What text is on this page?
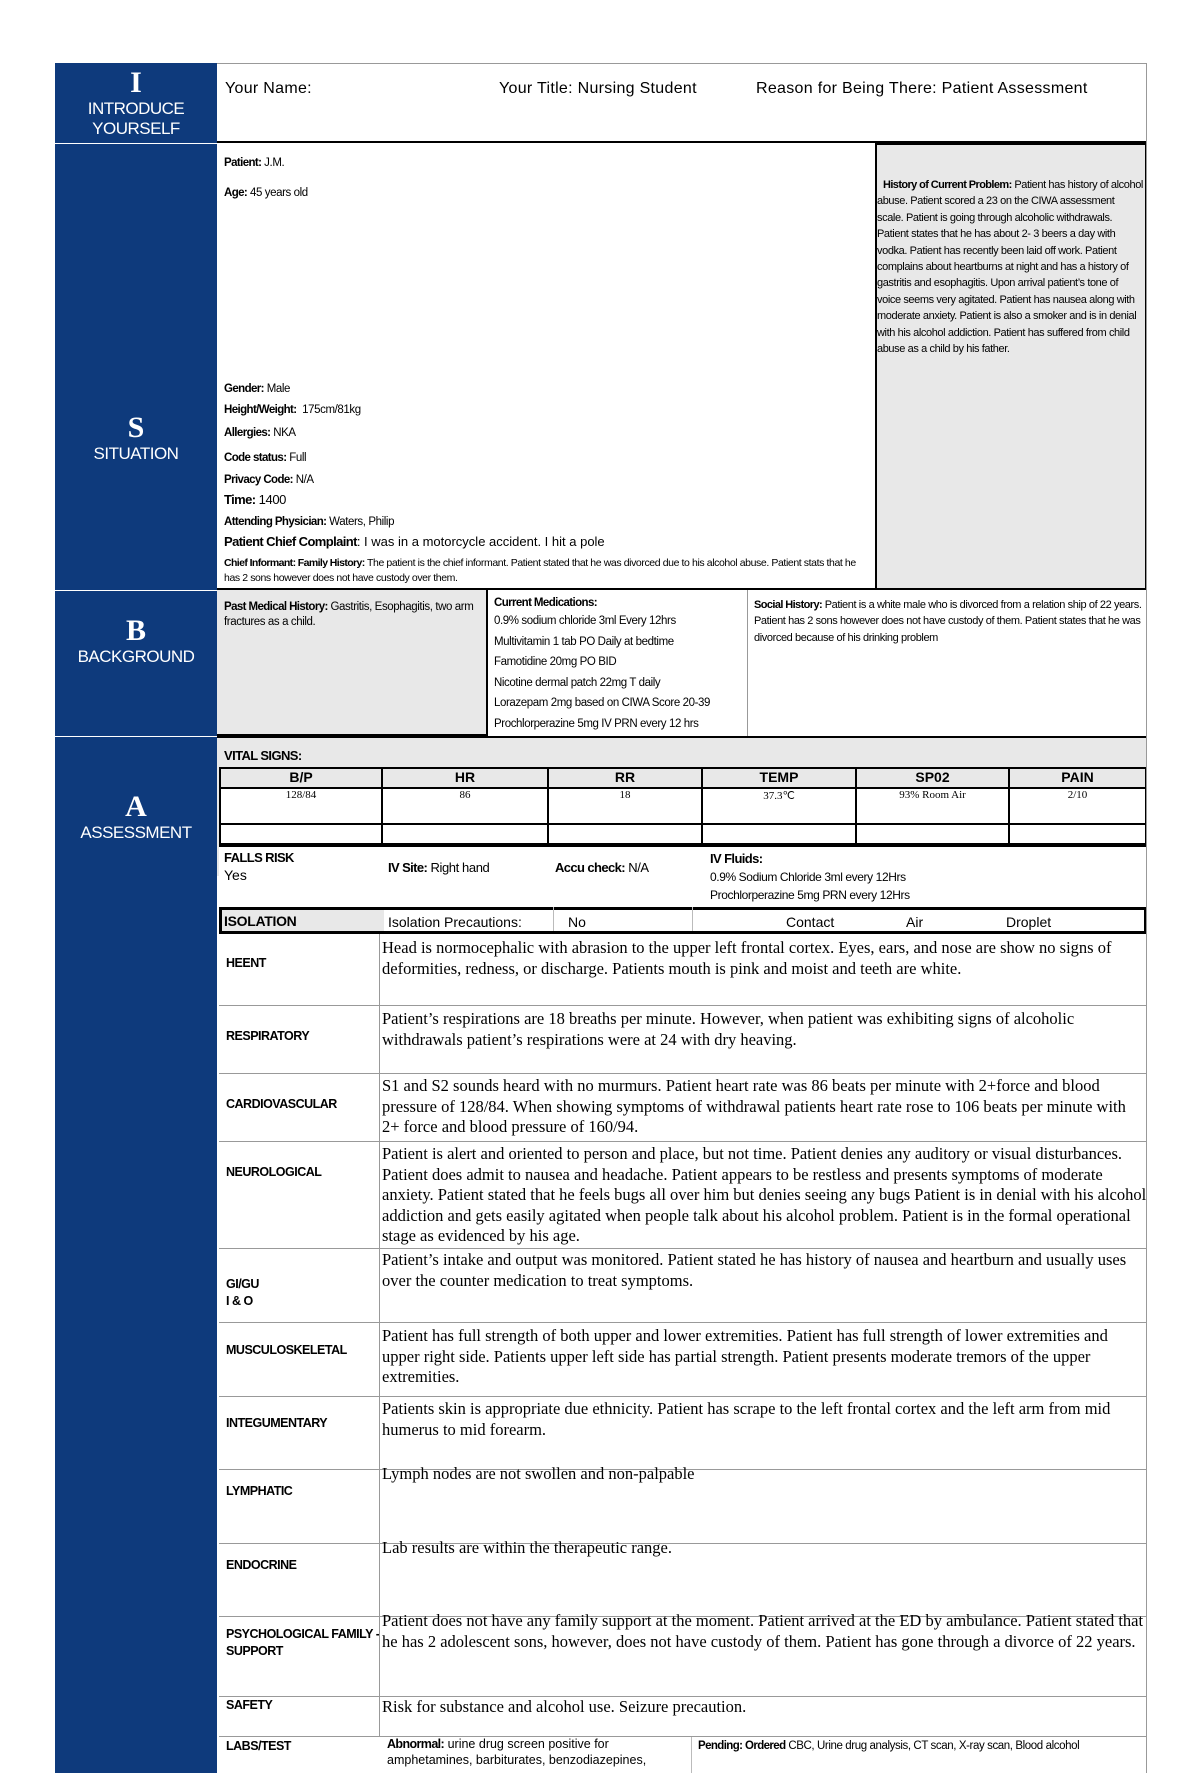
I
INTRODUCE
YOURSELF
S
SITUATION
B
BACKGROUND
A
ASSESSMENT
Your Name:	Your Title: Nursing Student	Reason for Being There: Patient Assessment
Patient: J.M.
Age: 45 years old
Gender: Male
Height/Weight: 175cm/81kg
Allergies: NKA
Code status: Full
Privacy Code: N/A
Time: 1400
Attending Physician: Waters, Philip
Patient Chief Complaint: I was in a motorcycle accident. I hit a pole
Chief Informant: Family History: The patient is the chief informant. Patient stated that he was divorced due to his alcohol abuse. Patient stats that he has 2 sons however does not have custody over them.
History of Current Problem: Patient has history of alcohol abuse. Patient scored a 23 on the CIWA assessment scale. Patient is going through alcoholic withdrawals. Patient states that he has about 2- 3 beers a day with vodka. Patient has recently been laid off work. Patient complains about heartburns at night and has a history of gastritis and esophagitis. Upon arrival patient’s tone of voice seems very agitated. Patient has nausea along with moderate anxiety. Patient is also a smoker and is in denial with his alcohol addiction. Patient has suffered from child abuse as a child by his father.
Past Medical History: Gastritis, Esophagitis, two arm fractures as a child.
Current Medications:
0.9% sodium chloride 3ml Every 12hrs
Multivitamin 1 tab PO Daily at bedtime
Famotidine 20mg PO BID
Nicotine dermal patch 22mg T daily
Lorazepam 2mg based on CIWA Score 20-39
Prochlorperazine 5mg IV PRN every 12 hrs
Social History: Patient is a white male who is divorced from a relation ship of 22 years. Patient has 2 sons however does not have custody of them. Patient states that he was divorced because of his drinking problem
VITAL SIGNS:
B/P	HR	RR	TEMP	SP02	PAIN
128/84	86	18	37.3℃	93% Room Air	2/10
FALLS RISK
Yes	IV Site: Right hand	Accu check: N/A
IV Fluids:
0.9% Sodium Chloride 3ml every 12Hrs
Prochlorperazine 5mg PRN every 12Hrs
ISOLATION	Isolation Precautions:	No	Contact	Air	Droplet
HEENT
Head is normocephalic with abrasion to the upper left frontal cortex. Eyes, ears, and nose are show no signs of deformities, redness, or discharge. Patients mouth is pink and moist and teeth are white.
RESPIRATORY
Patient’s respirations are 18 breaths per minute. However, when patient was exhibiting signs of alcoholic withdrawals patient’s respirations were at 24 with dry heaving.
CARDIOVASCULAR
S1 and S2 sounds heard with no murmurs. Patient heart rate was 86 beats per minute with 2+force and blood pressure of 128/84. When showing symptoms of withdrawal patients heart rate rose to 106 beats per minute with 2+ force and blood pressure of 160/94.
NEUROLOGICAL
Patient is alert and oriented to person and place, but not time. Patient denies any auditory or visual disturbances. Patient does admit to nausea and headache. Patient appears to be restless and presents symptoms of moderate anxiety. Patient stated that he feels bugs all over him but denies seeing any bugs Patient is in denial with his alcohol addiction and gets easily agitated when people talk about his alcohol problem. Patient is in the formal operational stage as evidenced by his age.
GI/GU
I & O
Patient’s intake and output was monitored. Patient stated he has history of nausea and heartburn and usually uses over the counter medication to treat symptoms.
MUSCULOSKELETAL
Patient has full strength of both upper and lower extremities. Patient has full strength of lower extremities and upper right side. Patients upper left side has partial strength. Patient presents moderate tremors of the upper extremities.
INTEGUMENTARY
Patients skin is appropriate due ethnicity. Patient has scrape to the left frontal cortex and the left arm from mid humerus to mid forearm.
LYMPHATIC
Lymph nodes are not swollen and non-palpable
ENDOCRINE
Lab results are within the therapeutic range.
PSYCHOLOGICAL FAMILY -
SUPPORT
Patient does not have any family support at the moment. Patient arrived at the ED by ambulance. Patient stated that he has 2 adolescent sons, however, does not have custody of them. Patient has gone through a divorce of 22 years.
SAFETY	Risk for substance and alcohol use. Seizure precaution.
LABS/TEST	Abnormal: urine drug screen positive for amphetamines, barbiturates, benzodiazepines,
Pending: Ordered CBC, Urine drug analysis, CT scan, X-ray scan, Blood alcohol
